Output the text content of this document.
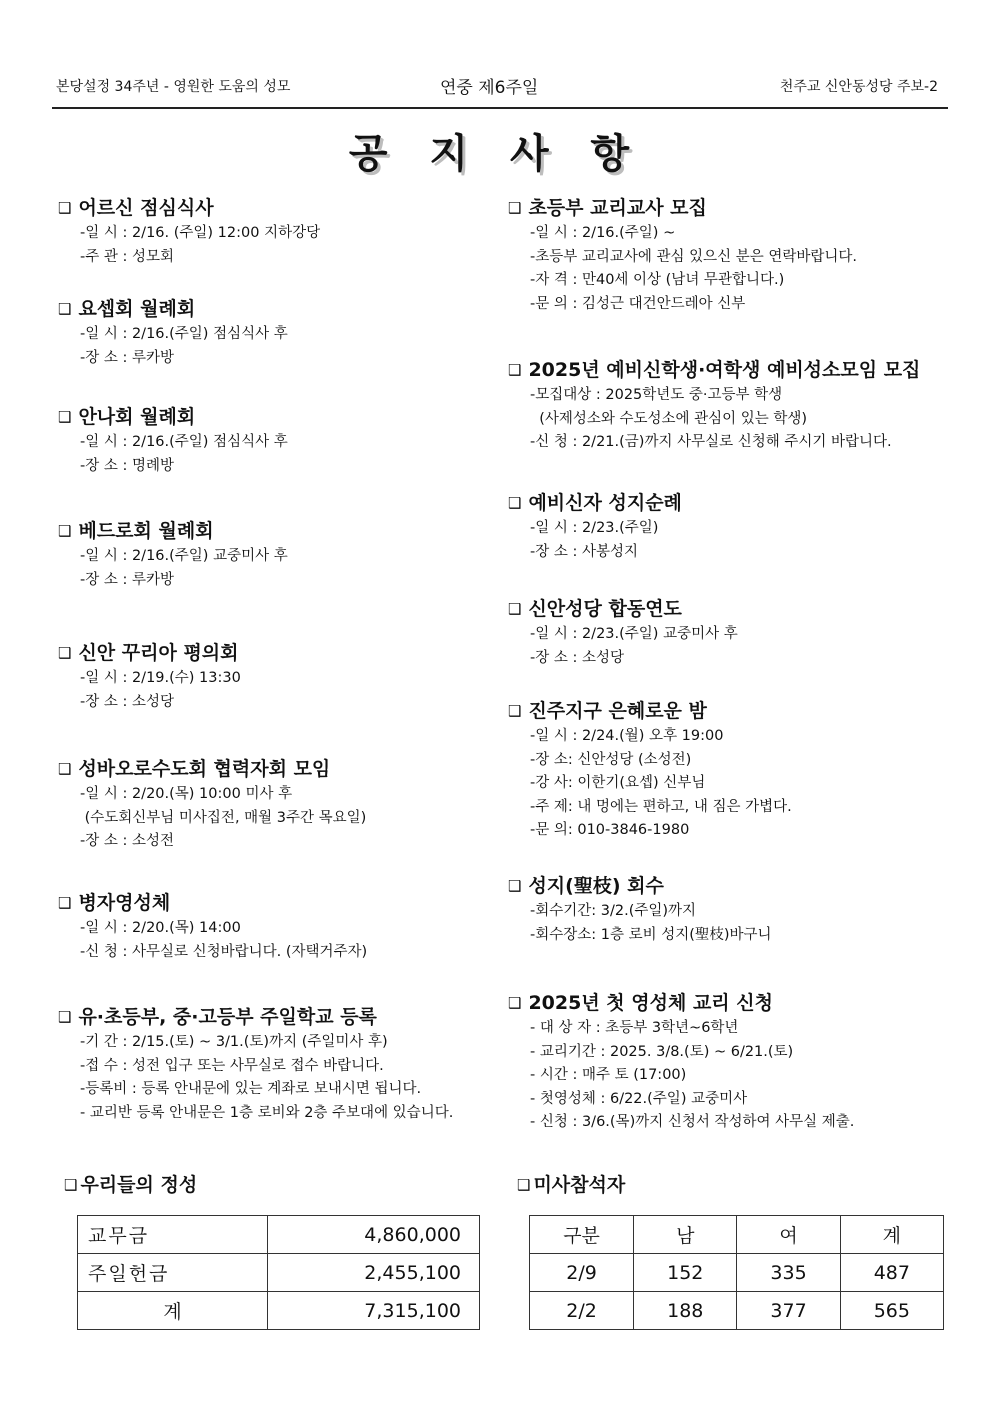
본당설정 34주년 - 영원한 도움의 성모	연중 제6주일	천주교 신안동성당 주보-2
공 지 사 항
❑ 어르신 점심식사
-일 시 : 2/16. (주일) 12:00 지하강당
-주 관 : 성모회
❑ 요셉회 월례회
-일 시 : 2/16.(주일) 점심식사 후
-장 소 : 루카방
❑ 안나회 월례회
-일 시 : 2/16.(주일) 점심식사 후
-장 소 : 명례방
❑ 베드로회 월례회
-일 시 : 2/16.(주일) 교중미사 후
-장 소 : 루카방
❑ 신안 꾸리아 평의회
-일 시 : 2/19.(수) 13:30
-장 소 : 소성당
❑ 성바오로수도회 협력자회 모임
-일 시 : 2/20.(목) 10:00 미사 후
(수도회신부님 미사집전, 매월 3주간 목요일)
-장 소 : 소성전
❑ 병자영성체
-일 시 : 2/20.(목) 14:00
-신 청 : 사무실로 신청바랍니다. (자택거주자)
❑ 유·초등부, 중·고등부 주일학교 등록
-기 간 : 2/15.(토) ~ 3/1.(토)까지 (주일미사 후)
-접 수 : 성전 입구 또는 사무실로 접수 바랍니다.
-등록비 : 등록 안내문에 있는 계좌로 보내시면 됩니다.
- 교리반 등록 안내문은 1층 로비와 2층 주보대에 있습니다.
❑ 초등부 교리교사 모집
-일 시 : 2/16.(주일) ~
-초등부 교리교사에 관심 있으신 분은 연락바랍니다.
-자 격 : 만40세 이상 (남녀 무관합니다.)
-문 의 : 김성근 대건안드레아 신부
❑ 2025년 예비신학생·여학생 예비성소모임 모집
-모집대상 : 2025학년도 중·고등부 학생
(사제성소와 수도성소에 관심이 있는 학생)
-신 청 : 2/21.(금)까지 사무실로 신청해 주시기 바랍니다.
❑ 예비신자 성지순례
-일 시 : 2/23.(주일)
-장 소 : 사봉성지
❑ 신안성당 합동연도
-일 시 : 2/23.(주일) 교중미사 후
-장 소 : 소성당
❑ 진주지구 은혜로운 밤
-일 시 : 2/24.(월) 오후 19:00
-장 소: 신안성당 (소성전)
-강 사: 이한기(요셉) 신부님
-주 제: 내 멍에는 편하고, 내 짐은 가볍다.
-문 의: 010-3846-1980
❑ 성지(聖枝) 회수
-회수기간: 3/2.(주일)까지
-회수장소: 1층 로비 성지(聖枝)바구니
❑ 2025년 첫 영성체 교리 신청
- 대 상 자 : 초등부 3학년~6학년
- 교리기간 : 2025. 3/8.(토) ~ 6/21.(토)
- 시간 : 매주 토 (17:00)
- 첫영성체 : 6/22.(주일) 교중미사
- 신청 : 3/6.(목)까지 신청서 작성하여 사무실 제출.
❑ 우리들의 정성
교무금	4,860,000
주일헌금	2,455,100
계	7,315,100
❑ 미사참석자
구분	남	여	계
2/9	152	335	487
2/2	188	377	565
